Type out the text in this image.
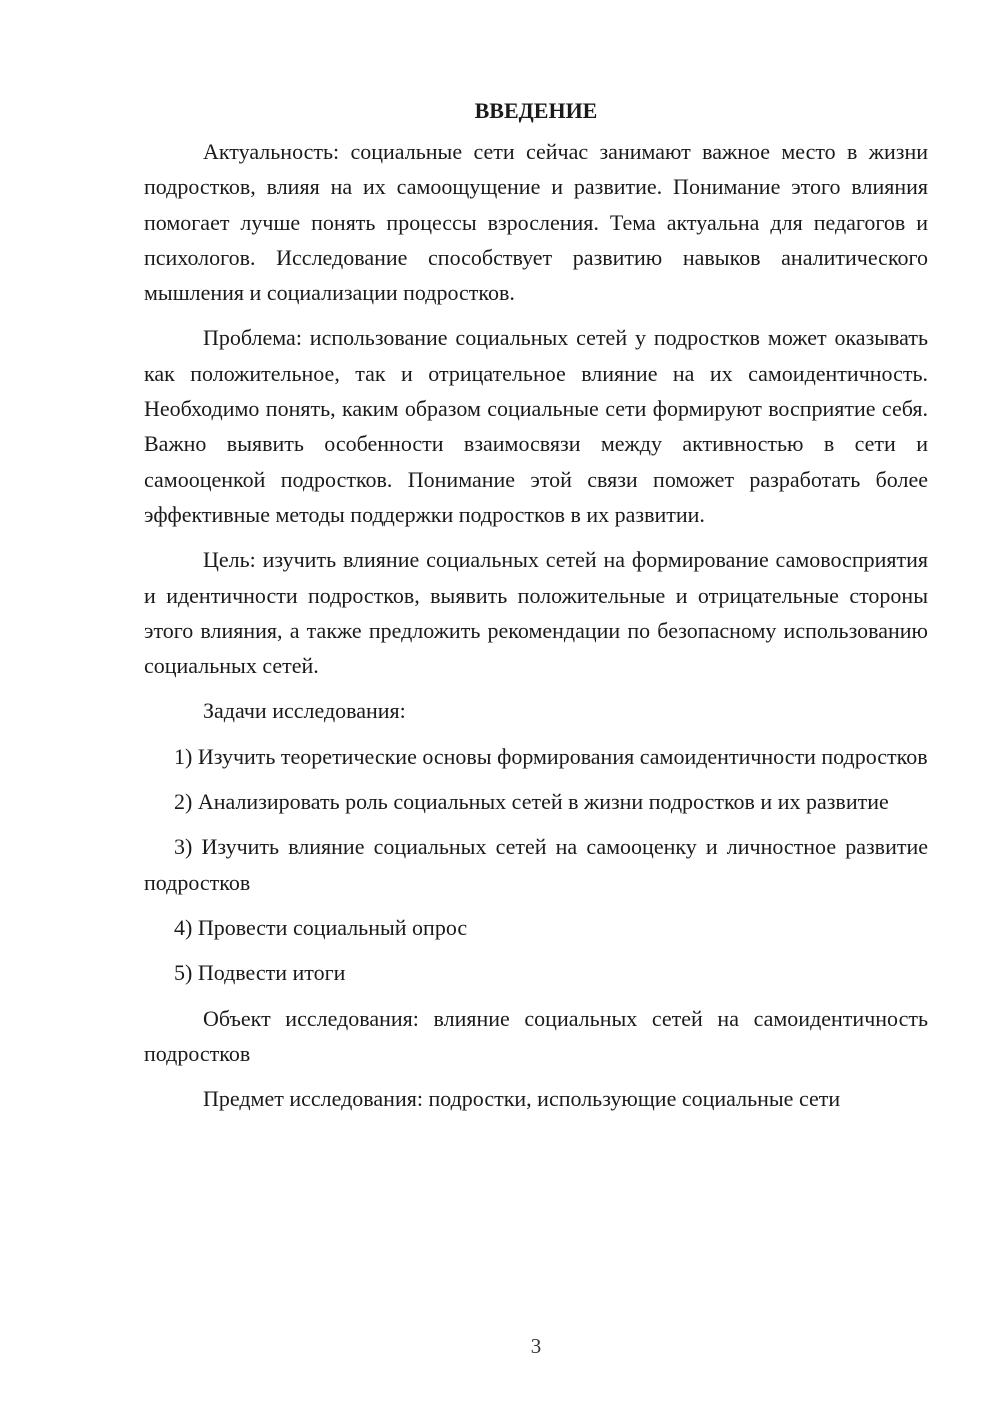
ВВЕДЕНИЕ

Актуальность: социальные сети сейчас занимают важное место в жизни подростков, влияя на их самоощущение и развитие. Понимание этого влияния помогает лучше понять процессы взросления. Тема актуальна для педагогов и психологов. Исследование способствует развитию навыков аналитического мышления и социализации подростков.

Проблема: использование социальных сетей у подростков может оказывать как положительное, так и отрицательное влияние на их самоидентичность. Необходимо понять, каким образом социальные сети формируют восприятие себя. Важно выявить особенности взаимосвязи между активностью в сети и самооценкой подростков. Понимание этой связи поможет разработать более эффективные методы поддержки подростков в их развитии.

Цель: изучить влияние социальных сетей на формирование самовосприятия и идентичности подростков, выявить положительные и отрицательные стороны этого влияния, а также предложить рекомендации по безопасному использованию социальных сетей.

Задачи исследования:

1) Изучить теоретические основы формирования самоидентичности подростков

2) Анализировать роль социальных сетей в жизни подростков и их развитие

3) Изучить влияние социальных сетей на самооценку и личностное развитие подростков

4) Провести социальный опрос

5) Подвести итоги

Объект исследования: влияние социальных сетей на самоидентичность подростков

Предмет исследования: подростки, использующие социальные сети

3
